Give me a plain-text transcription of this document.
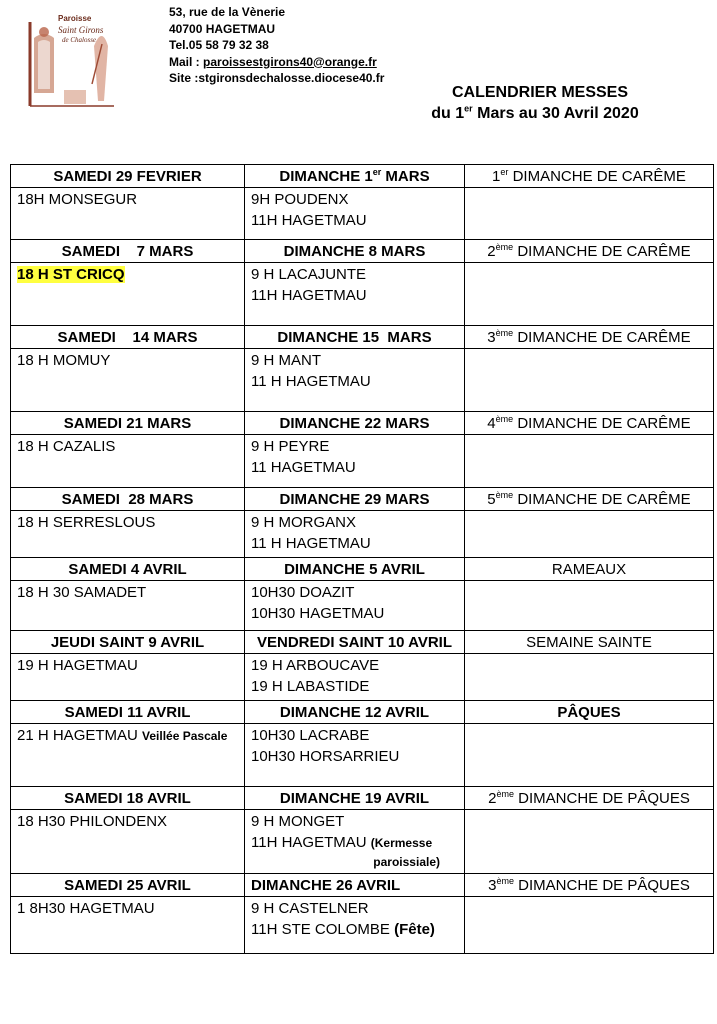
Paroisse
Saint Girons
de Chalosse
53, rue de la Vènerie
40700 HAGETMAU
Tel.05 58 79 32 38
Mail : paroissestgirons40@orange.fr
Site :stgironsdechalosse.diocese40.fr
CALENDRIER MESSES
du 1er Mars au 30 Avril 2020
SAMEDI 29 FEVRIER	DIMANCHE 1er MARS	1er DIMANCHE DE CARÊME
18H MONSEGUR	9H POUDENX
11H HAGETMAU	

SAMEDI    7 MARS	DIMANCHE 8 MARS	2ème DIMANCHE DE CARÊME
18 H ST CRICQ	9 H LACAJUNTE
11H HAGETMAU	

SAMEDI    14 MARS	DIMANCHE 15  MARS	3ème DIMANCHE DE CARÊME
18 H MOMUY	9 H MANT
11 H HAGETMAU	

SAMEDI 21 MARS	DIMANCHE 22 MARS	4ème DIMANCHE DE CARÊME
18 H CAZALIS	9 H PEYRE
11 HAGETMAU	

SAMEDI  28 MARS	DIMANCHE 29 MARS	5ème DIMANCHE DE CARÊME
18 H SERRESLOUS	9 H MORGANX
11 H HAGETMAU	

SAMEDI 4 AVRIL	DIMANCHE 5 AVRIL	RAMEAUX
18 H 30 SAMADET	10H30 DOAZIT
10H30 HAGETMAU	

JEUDI SAINT 9 AVRIL	VENDREDI SAINT 10 AVRIL	SEMAINE SAINTE
19 H HAGETMAU	19 H ARBOUCAVE
19 H LABASTIDE	

SAMEDI 11 AVRIL	DIMANCHE 12 AVRIL	PÂQUES
21 H HAGETMAU Veillée Pascale	10H30 LACRABE
10H30 HORSARRIEU	

SAMEDI 18 AVRIL	DIMANCHE 19 AVRIL	2ème DIMANCHE DE PÂQUES
18 H30 PHILONDENX	9 H MONGET
11H HAGETMAU (Kermesse
paroissiale)	

SAMEDI 25 AVRIL	DIMANCHE 26 AVRIL	3ème DIMANCHE DE PÂQUES
1 8H30 HAGETMAU	9 H CASTELNER
11H STE COLOMBE (Fête)	
